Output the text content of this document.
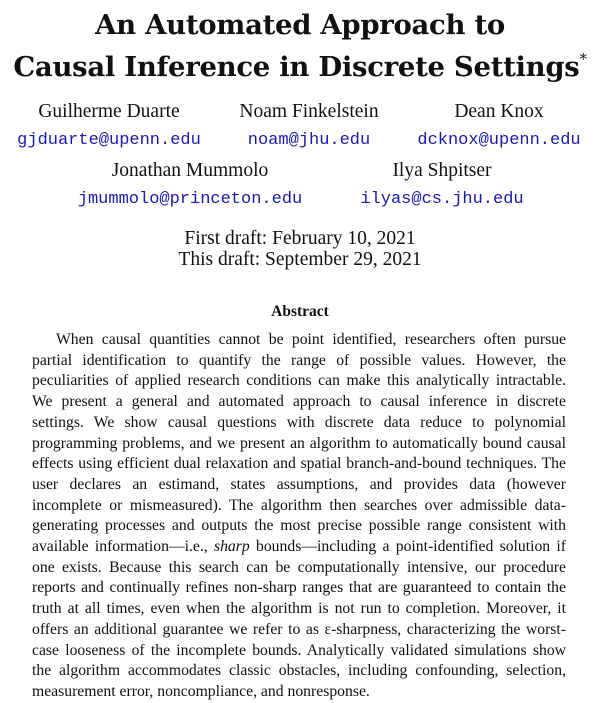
An Automated Approach to
Causal Inference in Discrete Settings*
Guilherme Duarte
gjduarte@upenn.edu
Noam Finkelstein
noam@jhu.edu
Dean Knox
dcknox@upenn.edu
Jonathan Mummolo
jmummolo@princeton.edu
Ilya Shpitser
ilyas@cs.jhu.edu
First draft: February 10, 2021
This draft: September 29, 2021
Abstract

When causal quantities cannot be point identified, researchers often pursue partial identification to quantify the range of possible values. However, the peculiarities of applied research conditions can make this analytically intractable. We present a general and automated approach to causal inference in discrete settings. We show causal questions with discrete data reduce to polynomial programming problems, and we present an algorithm to automatically bound causal effects using efficient dual relaxation and spatial branch-and-bound techniques. The user declares an estimand, states assumptions, and provides data (however incomplete or mismeasured). The algorithm then searches over admissible data-generating processes and outputs the most precise possible range consistent with available information—i.e., sharp bounds—including a point-identified solution if one exists. Because this search can be computationally intensive, our procedure reports and continually refines non-sharp ranges that are guaranteed to contain the truth at all times, even when the algorithm is not run to completion. Moreover, it offers an additional guarantee we refer to as ε-sharpness, characterizing the worst-case looseness of the incomplete bounds. Analytically validated simulations show the algorithm accommodates classic obstacles, including confounding, selection, measurement error, noncompliance, and nonresponse.
